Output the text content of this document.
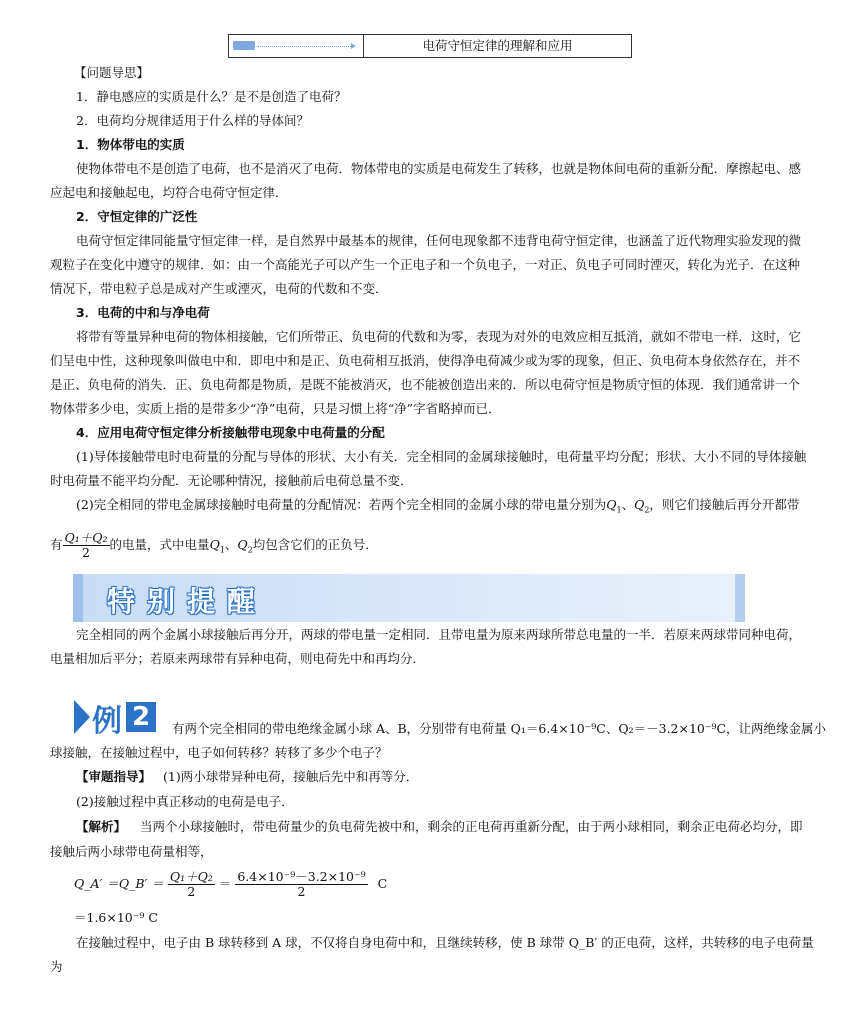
电荷守恒定律的理解和应用
【问题导思】
1．静电感应的实质是什么？是不是创造了电荷？
2．电荷均分规律适用于什么样的导体间？
1．物体带电的实质
使物体带电不是创造了电荷，也不是消灭了电荷．物体带电的实质是电荷发生了转移，也就是物体间电荷的重新分配．摩擦起电、感
应起电和接触起电，均符合电荷守恒定律．
2．守恒定律的广泛性
电荷守恒定律同能量守恒定律一样，是自然界中最基本的规律，任何电现象都不违背电荷守恒定律，也涵盖了近代物理实验发现的微
观粒子在变化中遵守的规律．如：由一个高能光子可以产生一个正电子和一个负电子，一对正、负电子可同时湮灭，转化为光子．在这种
情况下，带电粒子总是成对产生或湮灭，电荷的代数和不变．
3．电荷的中和与净电荷
将带有等量异种电荷的物体相接触，它们所带正、负电荷的代数和为零，表现为对外的电效应相互抵消，就如不带电一样．这时，它
们呈电中性，这种现象叫做电中和．即电中和是正、负电荷相互抵消，使得净电荷减少或为零的现象，但正、负电荷本身依然存在，并不
是正、负电荷的消失．正、负电荷都是物质，是既不能被消灭，也不能被创造出来的．所以电荷守恒是物质守恒的体现．我们通常讲一个
物体带多少电，实质上指的是带多少“净”电荷，只是习惯上将“净”字省略掉而已．
4．应用电荷守恒定律分析接触带电现象中电荷量的分配
(1)导体接触带电时电荷量的分配与导体的形状、大小有关．完全相同的金属球接触时，电荷量平均分配；形状、大小不同的导体接触
时电荷量不能平均分配．无论哪种情况，接触前后电荷总量不变．
(2)完全相同的带电金属球接触时电荷量的分配情况：若两个完全相同的金属小球的带电量分别为$Q_1$、$Q_2$，则它们接触后再分开都带
有 $\frac{\text{Q₁＋Q₂}}{2}$ 的电量，式中电量$Q_1$、$Q_2$均包含它们的正负号．
特别提醒
完全相同的两个金属小球接触后再分开，两球的带电量一定相同．且带电量为原来两球所带总电量的一半．若原来两球带同种电荷，
电量相加后平分；若原来两球带有异种电荷，则电荷先中和再均分．
例 2	有两个完全相同的带电绝缘金属小球 A、B，分别带有电荷量 Q₁＝6.4×10⁻⁹C、Q₂＝－3.2×10⁻⁹C，让两绝缘金属小
球接触，在接触过程中，电子如何转移？转移了多少个电子？
【审题指导】 (1)两小球带异种电荷，接触后先中和再等分．
(2)接触过程中真正移动的电荷是电子．
【解析】 当两个小球接触时，带电荷量少的负电荷先被中和，剩余的正电荷再重新分配，由于两小球相同，剩余正电荷必均分，即
接触后两小球带电荷量相等，
Q_A′ ＝Q_B′ ＝ $\frac{\text{Q₁＋Q₂}}{2} = \frac{\text{6.4×10⁻⁹－3.2×10⁻⁹}}{2}$ C
＝1.6×10⁻⁹ C
在接触过程中，电子由 B 球转移到 A 球，不仅将自身电荷中和，且继续转移，使 B 球带 Q_B′ 的正电荷，这样，共转移的电子电荷量
为
